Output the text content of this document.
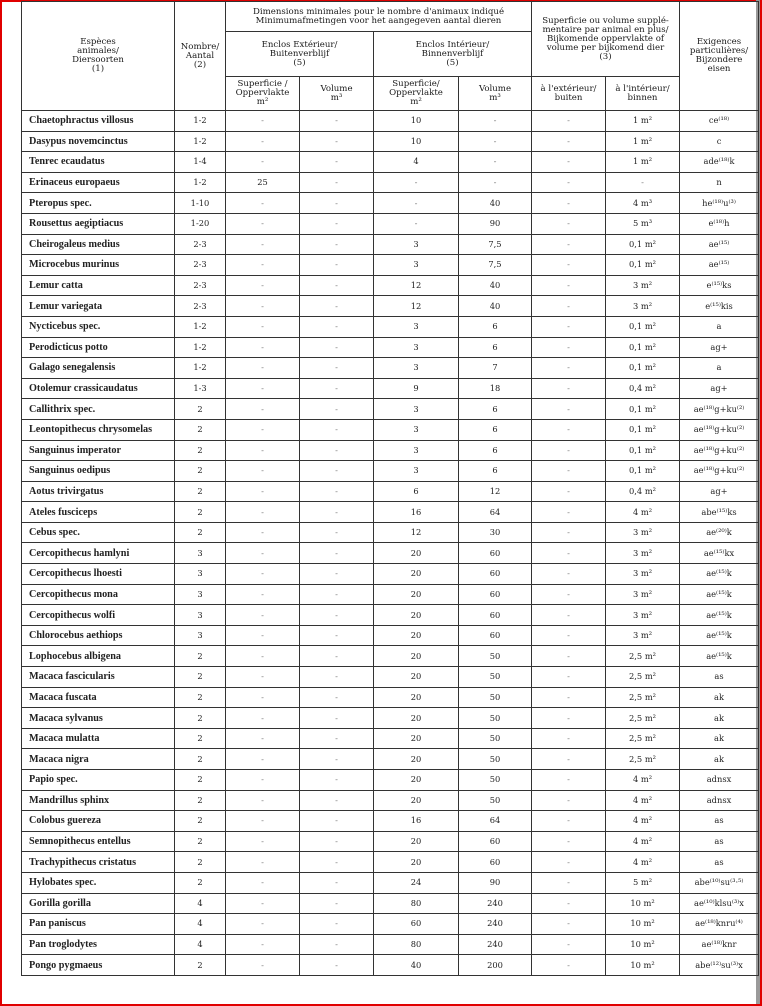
Espèces
animales/
Diersoorten
(1)	Nombre/
Aantal
(2)	Dimensions minimales pour le nombre d'animaux indiqué
Minimumafmetingen voor het aangegeven aantal dieren				Superficie ou volume supplé-
mentaire par animal en plus/
Bijkomende oppervlakte of
volume per bijkomend dier
(3)		Exigences
particulières/
Bijzondere
eisen
		Enclos Extérieur/
Buitenverblijf
(5)		Enclos Intérieur/
Binnenverblijf
(5)				
		Superficie /
Oppervlakte
m²	Volume
m³	Superficie/
Oppervlakte
m²	Volume
m³	à l'extérieur/
buiten	à l'intérieur/
binnen	
Chaetophractus villosus	1-2	-	-	10	-	-	1 m²	ce⁽¹⁸⁾
Dasypus novemcinctus	1-2	-	-	10	-	-	1 m²	c
Tenrec ecaudatus	1-4	-	-	4	-	-	1 m²	ade⁽¹⁸⁾k
Erinaceus europaeus	1-2	25	-	-	-	-	-	n
Pteropus spec.	1-10	-	-	-	40	-	4 m³	he⁽¹⁸⁾u⁽³⁾
Rousettus aegiptiacus	1-20	-	-	-	90	-	5 m³	e⁽¹⁸⁾h
Cheirogaleus medius	2-3	-	-	3	7,5	-	0,1 m²	ae⁽¹⁵⁾
Microcebus murinus	2-3	-	-	3	7,5	-	0,1 m²	ae⁽¹⁵⁾
Lemur catta	2-3	-	-	12	40	-	3 m²	e⁽¹⁵⁾ks
Lemur variegata	2-3	-	-	12	40	-	3 m²	e⁽¹⁵⁾kis
Nycticebus spec.	1-2	-	-	3	6	-	0,1 m²	a
Perodicticus potto	1-2	-	-	3	6	-	0,1 m²	ag+
Galago senegalensis	1-2	-	-	3	7	-	0,1 m²	a
Otolemur crassicaudatus	1-3	-	-	9	18	-	0,4 m²	ag+
Callithrix spec.	2	-	-	3	6	-	0,1 m²	ae⁽¹⁸⁾g+ku⁽²⁾
Leontopithecus chrysomelas	2	-	-	3	6	-	0,1 m²	ae⁽¹⁸⁾g+ku⁽²⁾
Sanguinus imperator	2	-	-	3	6	-	0,1 m²	ae⁽¹⁸⁾g+ku⁽²⁾
Sanguinus oedipus	2	-	-	3	6	-	0,1 m²	ae⁽¹⁸⁾g+ku⁽²⁾
Aotus trivirgatus	2	-	-	6	12	-	0,4 m²	ag+
Ateles fusciceps	2	-	-	16	64	-	4 m²	abe⁽¹⁵⁾ks
Cebus spec.	2	-	-	12	30	-	3 m²	ae⁽²⁰⁾k
Cercopithecus hamlyni	3	-	-	20	60	-	3 m²	ae⁽¹⁵⁾kx
Cercopithecus lhoesti	3	-	-	20	60	-	3 m²	ae⁽¹⁵⁾k
Cercopithecus mona	3	-	-	20	60	-	3 m²	ae⁽¹⁵⁾k
Cercopithecus wolfi	3	-	-	20	60	-	3 m²	ae⁽¹⁵⁾k
Chlorocebus aethiops	3	-	-	20	60	-	3 m²	ae⁽¹⁵⁾k
Lophocebus albigena	2	-	-	20	50	-	2,5 m²	ae⁽¹⁵⁾k
Macaca fascicularis	2	-	-	20	50	-	2,5 m²	as
Macaca fuscata	2	-	-	20	50	-	2,5 m²	ak
Macaca sylvanus	2	-	-	20	50	-	2,5 m²	ak
Macaca mulatta	2	-	-	20	50	-	2,5 m²	ak
Macaca nigra	2	-	-	20	50	-	2,5 m²	ak
Papio spec.	2	-	-	20	50	-	4 m²	adnsx
Mandrillus sphinx	2	-	-	20	50	-	4 m²	adnsx
Colobus guereza	2	-	-	16	64	-	4 m²	as
Semnopithecus entellus	2	-	-	20	60	-	4 m²	as
Trachypithecus cristatus	2	-	-	20	60	-	4 m²	as
Hylobates spec.	2	-	-	24	90	-	5 m²	abe⁽¹⁰⁾su⁽³·⁵⁾
Gorilla gorilla	4	-	-	80	240	-	10 m²	ae⁽¹⁰⁾klsu⁽³⁾x
Pan paniscus	4	-	-	60	240	-	10 m²	ae⁽¹⁸⁾knru⁽⁴⁾
Pan troglodytes	4	-	-	80	240	-	10 m²	ae⁽¹⁸⁾knr
Pongo pygmaeus	2	-	-	40	200	-	10 m²	abe⁽¹²⁾su⁽³⁾x
